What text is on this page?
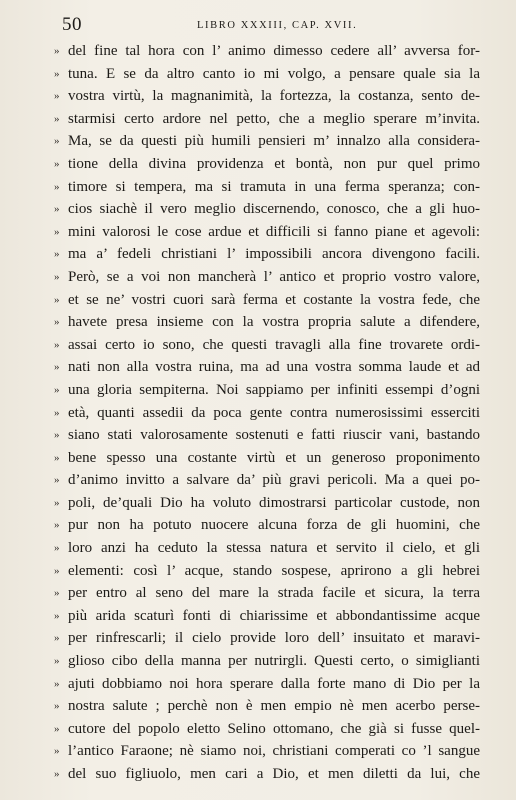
50	LIBRO XXXIII, CAP. XVII.
» del fine tal hora con l’ animo dimesso cedere all’ avversa for-
» tuna. E se da altro canto io mi volgo, a pensare quale sia la
» vostra virtù, la magnanimità, la fortezza, la costanza, sento de-
» starmisi certo ardore nel petto, che a meglio sperare m’invita.
» Ma, se da questi più humili pensieri m’ innalzo alla considera-
» tione della divina providenza et bontà, non pur quel primo
» timore si tempera, ma si tramuta in una ferma speranza; con-
» cios siachè il vero meglio discernendo, conosco, che a gli huo-
» mini valorosi le cose ardue et difficili si fanno piane et agevoli:
» ma a’ fedeli christiani l’ impossibili ancora divengono facili.
» Però, se a voi non mancherà l’ antico et proprio vostro valore,
» et se ne’ vostri cuori sarà ferma et costante la vostra fede, che
» havete presa insieme con la vostra propria salute a difendere,
» assai certo io sono, che questi travagli alla fine trovarete ordi-
» nati non alla vostra ruina, ma ad una vostra somma laude et ad
» una gloria sempiterna. Noi sappiamo per infiniti essempi d’ogni
» età, quanti assedii da poca gente contra numerosissimi esserciti
» siano stati valorosamente sostenuti e fatti riuscir vani, bastando
» bene spesso una costante virtù et un generoso proponimento
» d’animo invitto a salvare da’ più gravi pericoli. Ma a quei po-
» poli, de’quali Dio ha voluto dimostrarsi particolar custode, non
» pur non ha potuto nuocere alcuna forza de gli huomini, che
» loro anzi ha ceduto la stessa natura et servito il cielo, et gli
» elementi: così l’ acque, stando sospese, aprirono a gli hebrei
» per entro al seno del mare la strada facile et sicura, la terra
» più arida scaturì fonti di chiarissime et abbondantissime acque
» per rinfrescarli; il cielo provide loro dell’ insuitato et maravi-
» glioso cibo della manna per nutrirgli. Questi certo, o simiglianti
» ajuti dobbiamo noi hora sperare dalla forte mano di Dio per la
» nostra salute ; perchè non è men empio nè men acerbo perse-
» cutore del popolo eletto Selino ottomano, che già si fusse quel-
» l’antico Faraone; nè siamo noi, christiani comperati co ’l sangue
» del suo figliuolo, men cari a Dio, et men diletti da lui, che
